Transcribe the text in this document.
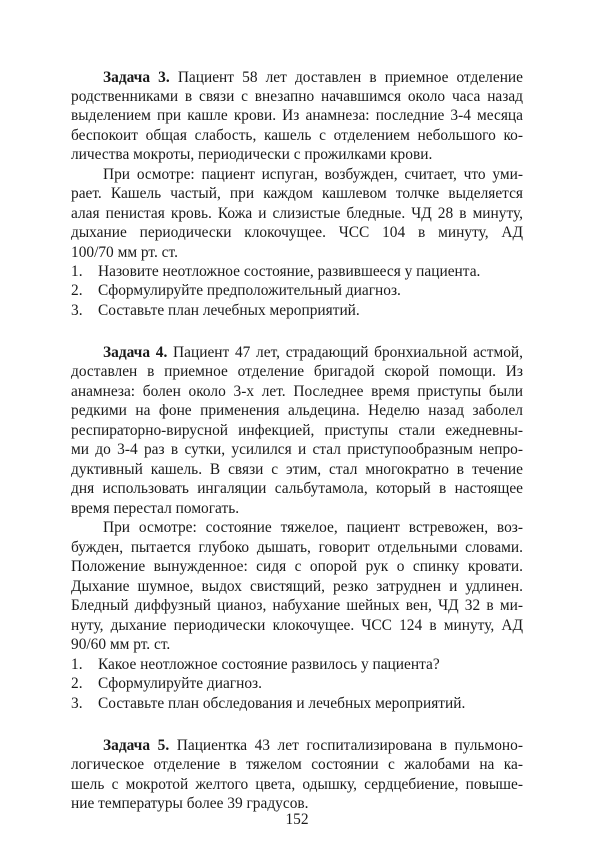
Задача 3. Пациент 58 лет доставлен в приемное отделение
родственниками в связи с внезапно начавшимся около часа назад
выделением при кашле крови. Из анамнеза: последние 3-4 месяца
беспокоит общая слабость, кашель с отделением небольшого ко-
личества мокроты, периодически с прожилками крови.
При осмотре: пациент испуган, возбужден, считает, что уми-
рает. Кашель частый, при каждом кашлевом толчке выделяется
алая пенистая кровь. Кожа и слизистые бледные. ЧД 28 в минуту,
дыхание периодически клокочущее. ЧСС 104 в минуту, АД
100/70 мм рт. ст.
1. Назовите неотложное состояние, развившееся у пациента.
2. Сформулируйте предположительный диагноз.
3. Составьте план лечебных мероприятий.
Задача 4. Пациент 47 лет, страдающий бронхиальной астмой,
доставлен в приемное отделение бригадой скорой помощи. Из
анамнеза: болен около 3-х лет. Последнее время приступы были
редкими на фоне применения альдецина. Неделю назад заболел
респираторно-вирусной инфекцией, приступы стали ежедневны-
ми до 3-4 раз в сутки, усилился и стал приступообразным непро-
дуктивный кашель. В связи с этим, стал многократно в течение
дня использовать ингаляции сальбутамола, который в настоящее
время перестал помогать.
При осмотре: состояние тяжелое, пациент встревожен, воз-
бужден, пытается глубоко дышать, говорит отдельными словами.
Положение вынужденное: сидя с опорой рук о спинку кровати.
Дыхание шумное, выдох свистящий, резко затруднен и удлинен.
Бледный диффузный цианоз, набухание шейных вен, ЧД 32 в ми-
нуту, дыхание периодически клокочущее. ЧСС 124 в минуту, АД
90/60 мм рт. ст.
1. Какое неотложное состояние развилось у пациента?
2. Сформулируйте диагноз.
3. Составьте план обследования и лечебных мероприятий.
Задача 5. Пациентка 43 лет госпитализирована в пульмоно-
логическое отделение в тяжелом состоянии с жалобами на ка-
шель с мокротой желтого цвета, одышку, сердцебиение, повыше-
ние температуры более 39 градусов.
152
